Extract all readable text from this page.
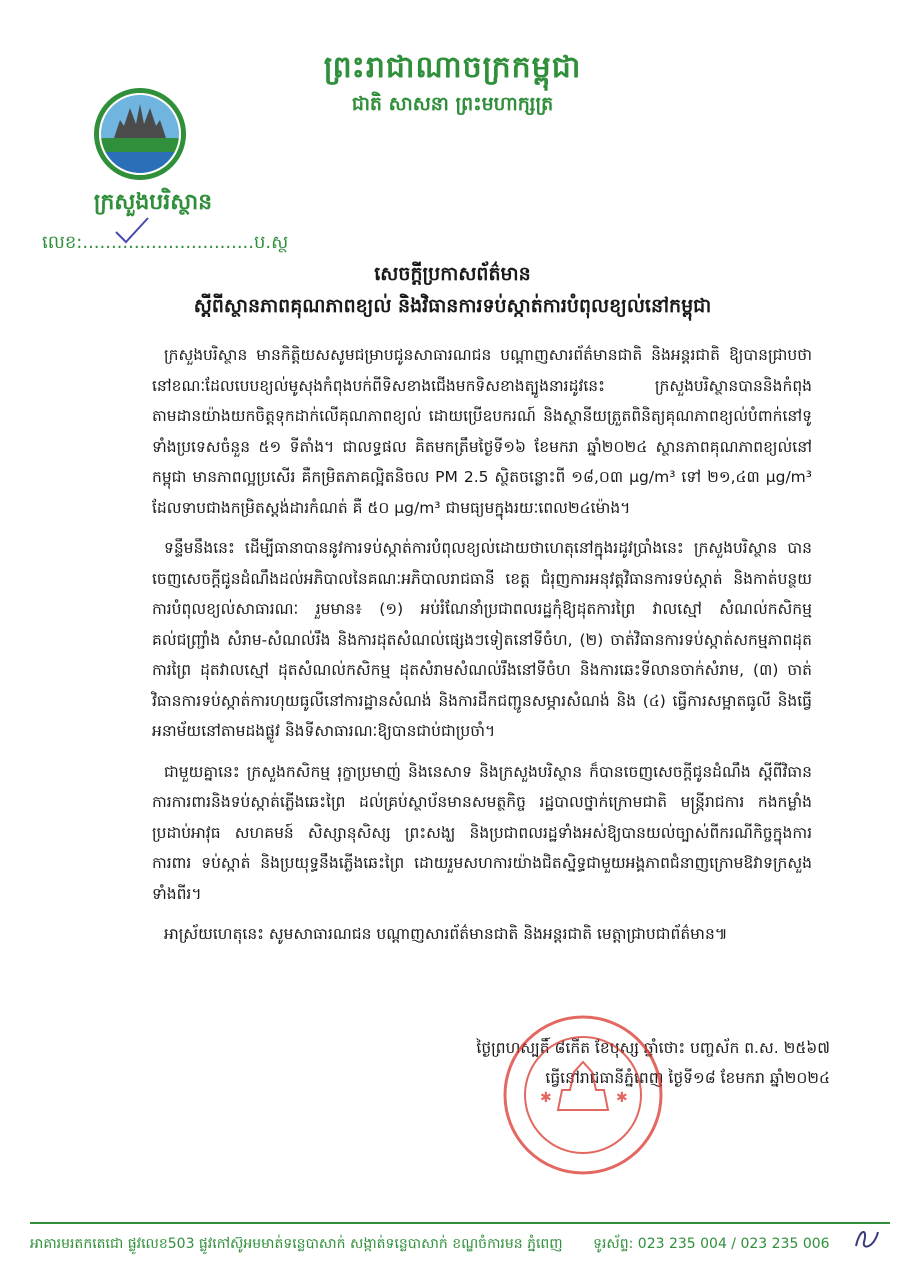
ព្រះរាជាណាចក្រកម្ពុជា
ជាតិ សាសនា ព្រះមហាក្សត្រ
ក្រសួងបរិស្ថាន
លេខ:..............................ប.ស្ថ
សេចក្តីប្រកាសព័ត៌មាន
ស្តីពីស្ថានភាពគុណភាពខ្យល់ និងវិធានការទប់ស្កាត់ការបំពុលខ្យល់នៅកម្ពុជា

ក្រសួងបរិស្ថាន មានកិត្តិយសសូមជម្រាបជូនសាធារណជន បណ្តាញសារព័ត៌មានជាតិ និងអន្តរជាតិ ឱ្យបានជ្រាបថា នៅខណៈដែលបេបខ្យល់មូសុងកំពុងបក់ពីទិសខាងជើងមកទិសខាងត្បូងនារដូវនេះ ក្រសួងបរិស្ថានបាននិងកំពុងតាមដានយ៉ាងយកចិត្តទុកដាក់លើគុណភាពខ្យល់ ដោយប្រើឧបករណ៍ និងស្ថានីយត្រួតពិនិត្យគុណភាពខ្យល់បំពាក់នៅទូទាំងប្រទេសចំនួន ៥១ ទីតាំង។ ជាលទ្ធផល គិតមកត្រឹមថ្ងៃទី១៦ ខែមករា ឆ្នាំ២០២៤ ស្ថានភាពគុណភាពខ្យល់នៅកម្ពុជា មានភាពល្អប្រសើរ គឺកម្រិតភាគល្អិតនិចល PM 2.5 ស្ថិតចន្លោះពី ១៨,០៣ µg/m³ ទៅ ២១,៤៣ µg/m³ ដែលទាបជាងកម្រិតស្តង់ដារកំណត់ គឺ ៥០ µg/m³ ជាមធ្យមក្នុងរយៈពេល២៤ម៉ោង។

ទន្ទឹមនឹងនេះ ដើម្បីធានាបាននូវការទប់ស្កាត់ការបំពុលខ្យល់ដោយថាហេតុនៅក្នុងរដូវប្រាំងនេះ ក្រសួងបរិស្ថាន បានចេញសេចក្តីជូនដំណឹងដល់អភិបាលនៃគណៈអភិបាលរាជធានី ខេត្ត ជំរុញការអនុវត្តវិធានការទប់ស្កាត់ និងកាត់បន្ថយការបំពុលខ្យល់សាធារណៈ រួមមាន៖ (១) អប់រំណែនាំប្រជាពលរដ្ឋកុំឱ្យដុតការព្រៃ វាលស្មៅ សំណល់កសិកម្ម គល់ជញ្ជ្រាំង សំរាម-សំណល់រឹង និងការដុតសំណល់ផ្សេងៗទៀតនៅទីចំហ, (២) ចាត់វិធានការទប់ស្កាត់សកម្មភាពដុតការព្រៃ ដុតវាលស្មៅ ដុតសំណល់កសិកម្ម ដុតសំរាមសំណល់រឹងនៅទីចំហ និងការឆេះទីលានចាក់សំរាម, (៣) ចាត់វិធានការទប់ស្កាត់ការហុយធូលីនៅការដ្ឋានសំណង់ និងការដឹកជញ្ជូនសម្ភារសំណង់ និង (៤) ធ្វើការសម្អាតធូលី និងធ្វើអនាម័យនៅតាមដងផ្លូវ និងទីសាធារណៈឱ្យបានជាប់ជាប្រចាំ។

ជាមួយគ្នានេះ ក្រសួងកសិកម្ម រុក្ខាប្រមាញ់ និងនេសាទ និងក្រសួងបរិស្ថាន ក៏បានចេញសេចក្តីជូនដំណឹង ស្តីពីវិធានការការពារនិងទប់ស្កាត់ភ្លើងឆេះព្រៃ ដល់គ្រប់ស្ថាប័នមានសមត្ថកិច្ច រដ្ឋបាលថ្នាក់ក្រោមជាតិ មន្ត្រីរាជការ កងកម្លាំងប្រដាប់អាវុធ សហគមន៍ សិស្សានុសិស្ស ព្រះសង្ឃ និងប្រជាពលរដ្ឋទាំងអស់ឱ្យបានយល់ច្បាស់ពីករណីកិច្ចក្នុងការការពារ ទប់ស្កាត់ និងប្រយុទ្ធនឹងភ្លើងឆេះព្រៃ ដោយរួមសហការយ៉ាងជិតស្និទ្ធជាមួយអង្គភាពជំនាញក្រោមឱវាទក្រសួងទាំងពីរ។

អាស្រ័យហេតុនេះ សូមសាធារណជន បណ្តាញសារព័ត៌មានជាតិ និងអន្តរជាតិ មេត្តាជ្រាបជាព័ត៌មាន៕

ថ្ងៃព្រហស្បតិ៍ ៨កើត ខែបុស្ស ឆ្នាំថោះ បញ្ចស័ក ព.ស. ២៥៦៧
ធ្វើនៅរាជធានីភ្នំពេញ ថ្ងៃទី១៨ ខែមករា ឆ្នាំ២០២៤
✱	✱
អាគារមរតកតេជោ ផ្លូវលេខ503 ផ្លូវកៅស៊ូអមមាត់ទន្លេបាសាក់ សង្កាត់ទន្លេបាសាក់ ខណ្ឌចំការមន ភ្នំពេញ ទូរស័ព្ទ: 023 235 004 / 023 235 006
